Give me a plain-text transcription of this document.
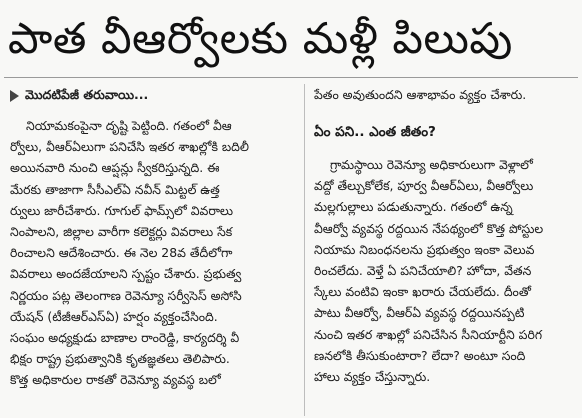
పాత వీఆర్వోలకు మళ్లీ పిలుపు
మొదటిపేజీ తరువాయి...
నియామకంపైనా దృష్టి పెట్టింది. గతంలో వీఆ
ర్వోలు, వీఆర్‌ఏలుగా పనిచేసి ఇతర శాఖల్లోకి బదిలీ
అయినవారి నుంచి ఆప్షన్లు స్వీకరిస్తున్నది. ఈ
మేరకు తాజాగా సీసీఎల్‌ఏ నవీన్ మిట్టల్ ఉత్త
ర్వులు జారీచేశారు. గూగుల్ ఫామ్స్‌లో వివరాలు
నింపాలని, జిల్లాల వారీగా కలెక్టర్లు వివరాలు సేక
రించాలని ఆదేశించారు. ఈ నెల 28వ తేదీలోగా
వివరాలు అందజేయాలని స్పష్టం చేశారు. ప్రభుత్వ
నిర్ణయం పట్ల తెలంగాణ రెవెన్యూ సర్వీసెస్ అసోసి
యేషన్ (టీజీఆర్‌ఎస్‌ఏ) హర్షం వ్యక్తంచేసింది.
సంఘం అధ్యక్షుడు బాణాల రాంరెడ్డి, కార్యదర్శి వీ
భిక్షం రాష్ట్ర ప్రభుత్వానికి కృతజ్ఞతలు తెలిపారు.
కొత్త అధికారుల రాకతో రెవెన్యూ వ్యవస్థ బలో
పేతం అవుతుందని ఆశాభావం వ్యక్తం చేశారు.
ఏం పని.. ఎంత జీతం?
గ్రామస్థాయి రెవెన్యూ అధికారులుగా వెళ్లాలో
వద్దో తేల్చుకోలేక, పూర్వ వీఆర్‌ఏలు, వీఆర్వోలు
మల్లగుల్లాలు పడుతున్నారు. గతంలో ఉన్న
వీఆర్వో వ్యవస్థ రద్దయిన నేపథ్యంలో కొత్త పోస్టుల
నియామ నిబంధనలను ప్రభుత్వం ఇంకా వెలువ
రించలేదు. వెళ్తే ఏ పనిచేయాలి? హోదా, వేతన
స్కేలు వంటివి ఇంకా ఖరారు చేయలేదు. దీంతో
పాటు వీఆర్వో, వీఆర్‌ఏ వ్యవస్థ రద్దయినప్పటి
నుంచి ఇతర శాఖల్లో పనిచేసిన సీనియార్టీని పరిగ
ణనలోకి తీసుకుంటారా? లేదా? అంటూ సంది
హాలు వ్యక్తం చేస్తున్నారు.
